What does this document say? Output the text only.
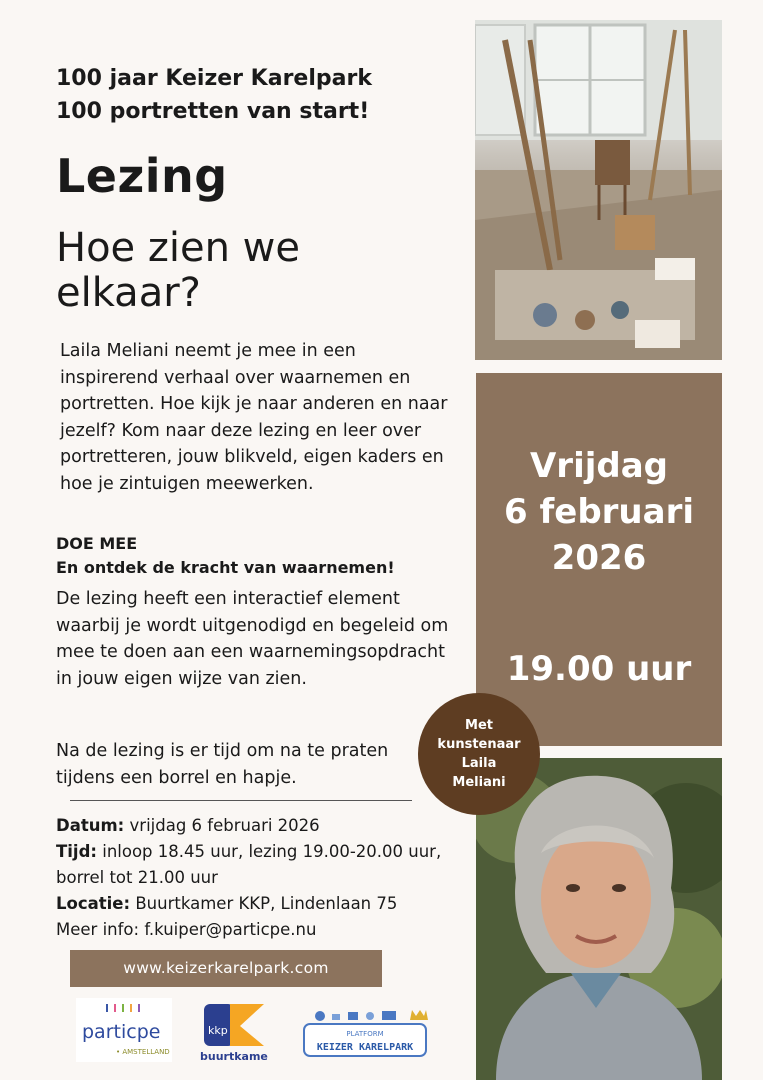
100 jaar Keizer Karelpark
100 portretten van start!
Lezing
Hoe zien we elkaar?
Laila Meliani neemt je mee in een inspirerend verhaal over waarnemen en portretten. Hoe kijk je naar anderen en naar jezelf? Kom naar deze lezing en leer over portretteren, jouw blikveld, eigen kaders en hoe je zintuigen meewerken.
DOE MEE
En ontdek de kracht van waarnemen!
De lezing heeft een interactief element waarbij je wordt uitgenodigd en begeleid om mee te doen aan een waarnemingsopdracht in jouw eigen wijze van zien.
Na de lezing is er tijd om na te praten tijdens een borrel en hapje.
Datum: vrijdag 6 februari 2026
Tijd: inloop 18.45 uur, lezing 19.00-20.00 uur, borrel tot 21.00 uur
Locatie: Buurtkamer KKP, Lindenlaan 75
Meer info: f.kuiper@particpe.nu
www.keizerkarelpark.com
Vrijdag
6 februari
2026
19.00 uur
Met
kunstenaar
Laila
Meliani
particpe
• AMSTELLAND
kkp
buurtkamer
PLATFORM
KEIZER KARELPARK
